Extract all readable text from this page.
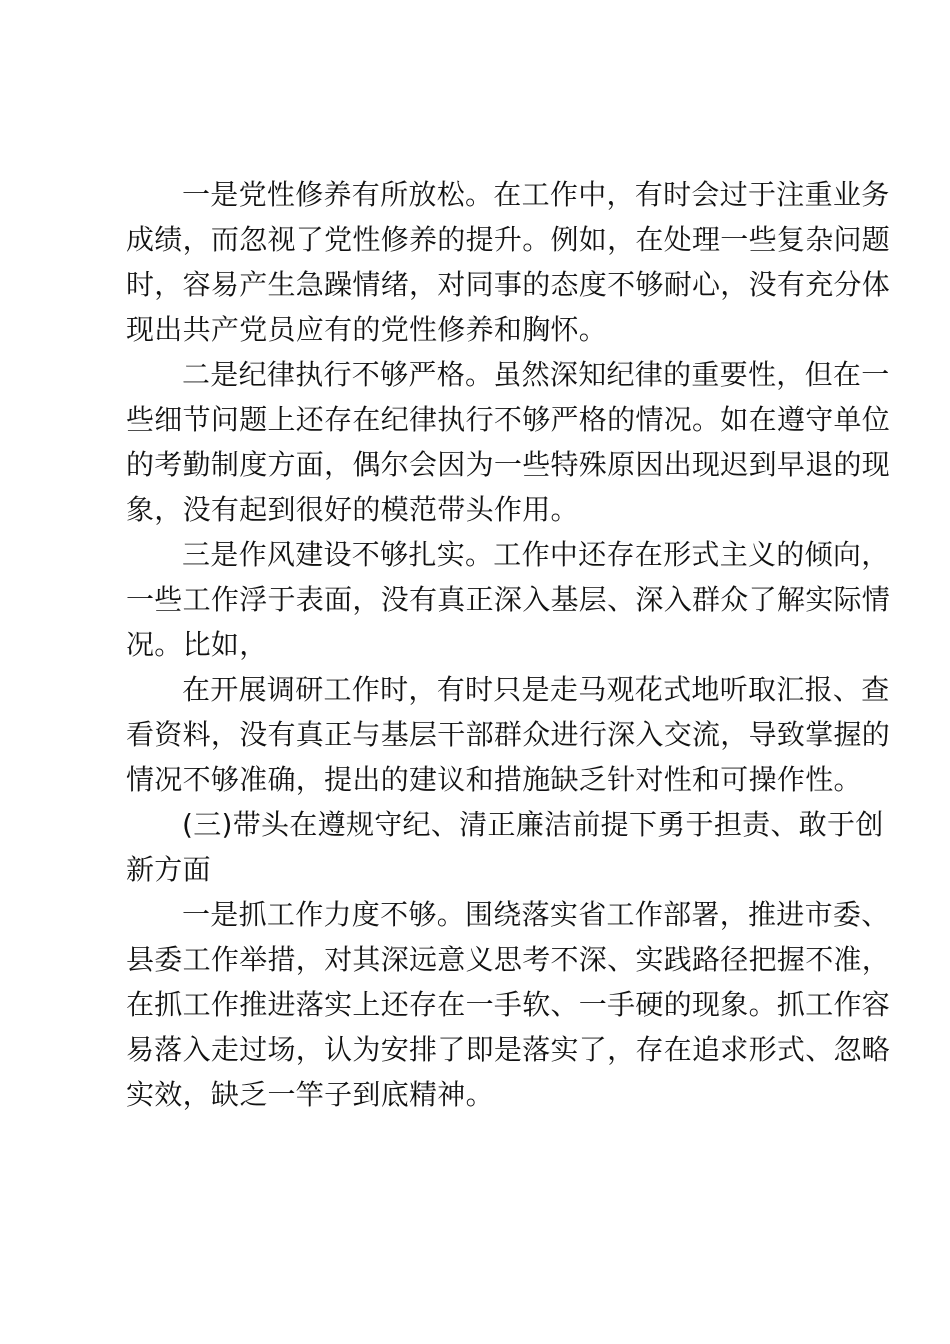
一是党性修养有所放松。在工作中，有时会过于注重业务
成绩，而忽视了党性修养的提升。例如，在处理一些复杂问题
时，容易产生急躁情绪，对同事的态度不够耐心，没有充分体
现出共产党员应有的党性修养和胸怀。
二是纪律执行不够严格。虽然深知纪律的重要性，但在一
些细节问题上还存在纪律执行不够严格的情况。如在遵守单位
的考勤制度方面，偶尔会因为一些特殊原因出现迟到早退的现
象，没有起到很好的模范带头作用。
三是作风建设不够扎实。工作中还存在形式主义的倾向，
一些工作浮于表面，没有真正深入基层、深入群众了解实际情
况。比如，
在开展调研工作时，有时只是走马观花式地听取汇报、查
看资料，没有真正与基层干部群众进行深入交流，导致掌握的
情况不够准确，提出的建议和措施缺乏针对性和可操作性。
(三)带头在遵规守纪、清正廉洁前提下勇于担责、敢于创
新方面
一是抓工作力度不够。围绕落实省工作部署，推进市委、
县委工作举措，对其深远意义思考不深、实践路径把握不准，
在抓工作推进落实上还存在一手软、一手硬的现象。抓工作容
易落入走过场，认为安排了即是落实了，存在追求形式、忽略
实效，缺乏一竿子到底精神。
